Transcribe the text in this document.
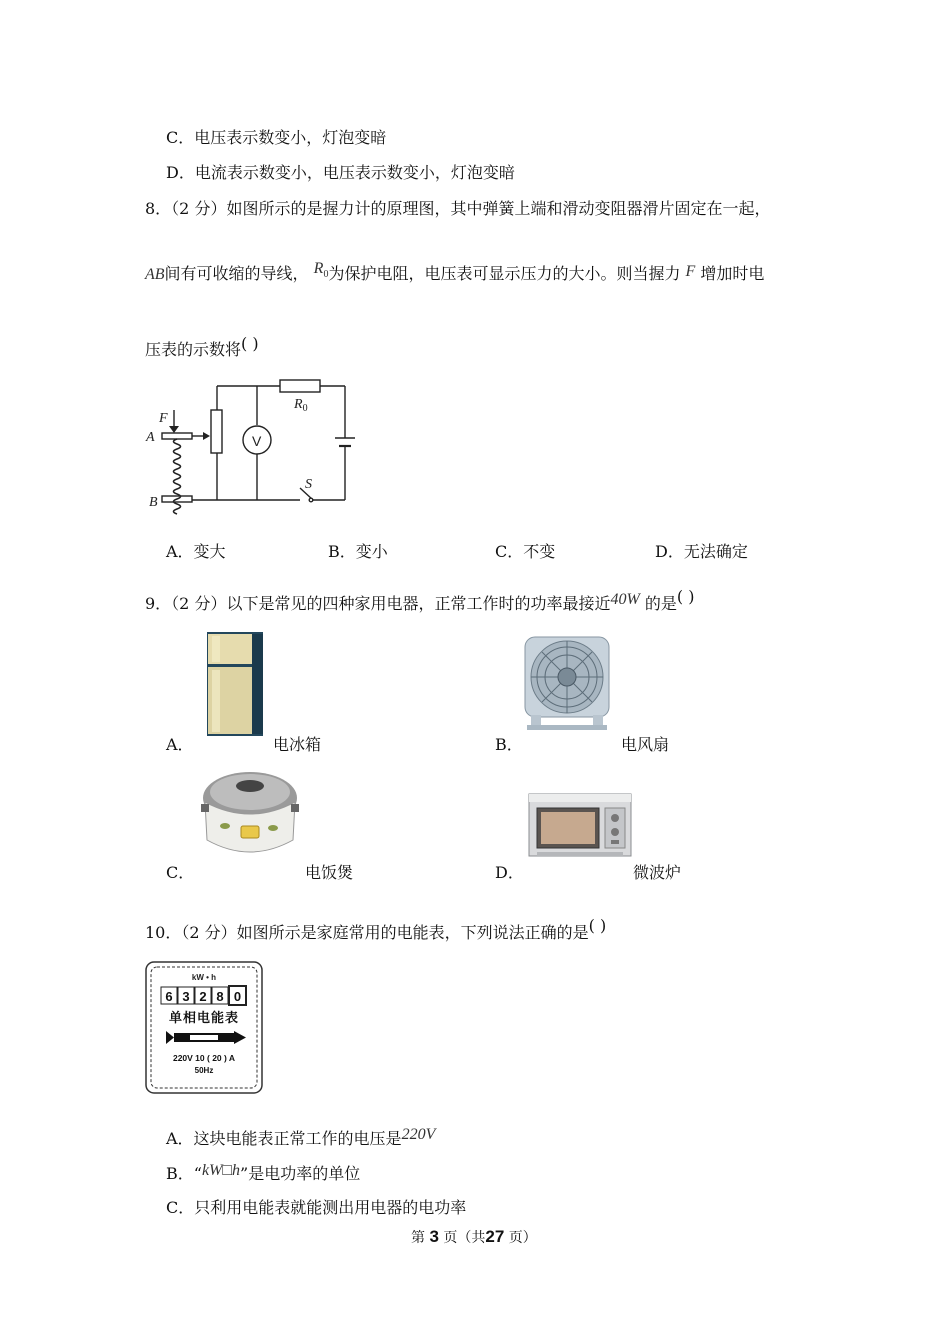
C．电压表示数变小，灯泡变暗
D．电流表示数变小，电压表示数变小，灯泡变暗
8．（2 分）如图所示的是握力计的原理图，其中弹簧上端和滑动变阻器滑片固定在一起，
AB间有可收缩的导线， $R_0$为保护电阻，电压表可显示压力的大小。则当握力 F 增加时电
压表的示数将( )
F
A
B
$R_0$
S
V
A．变大	B．变小	C．不变	D．无法确定
9．（2 分）以下是常见的四种家用电器，正常工作时的功率最接近40W 的是( )
A．	电冰箱	B．	电风扇
C．	电饭煲	D．	微波炉
10．（2 分）如图所示是家庭常用的电能表，下列说法正确的是( )
kW • h
6 3 2 8 0
单相电能表
220V 10 ( 20 ) A
50Hz
A．这块电能表正常工作的电压是220V
B．“kW□h”是电功率的单位
C．只利用电能表就能测出用电器的电功率
第 3 页（共27 页）
